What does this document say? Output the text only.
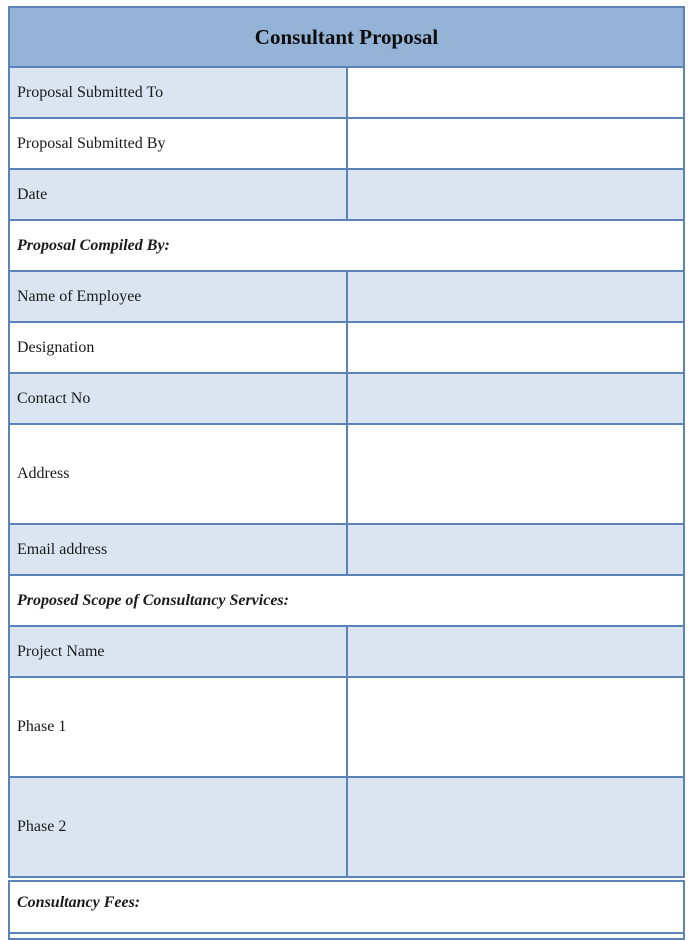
Consultant Proposal
Proposal Submitted To
Proposal Submitted By
Date
Proposal Compiled By:
Name of Employee
Designation
Contact No
Address
Email address
Proposed Scope of Consultancy Services:
Project Name
Phase 1
Phase 2
Consultancy Fees:
